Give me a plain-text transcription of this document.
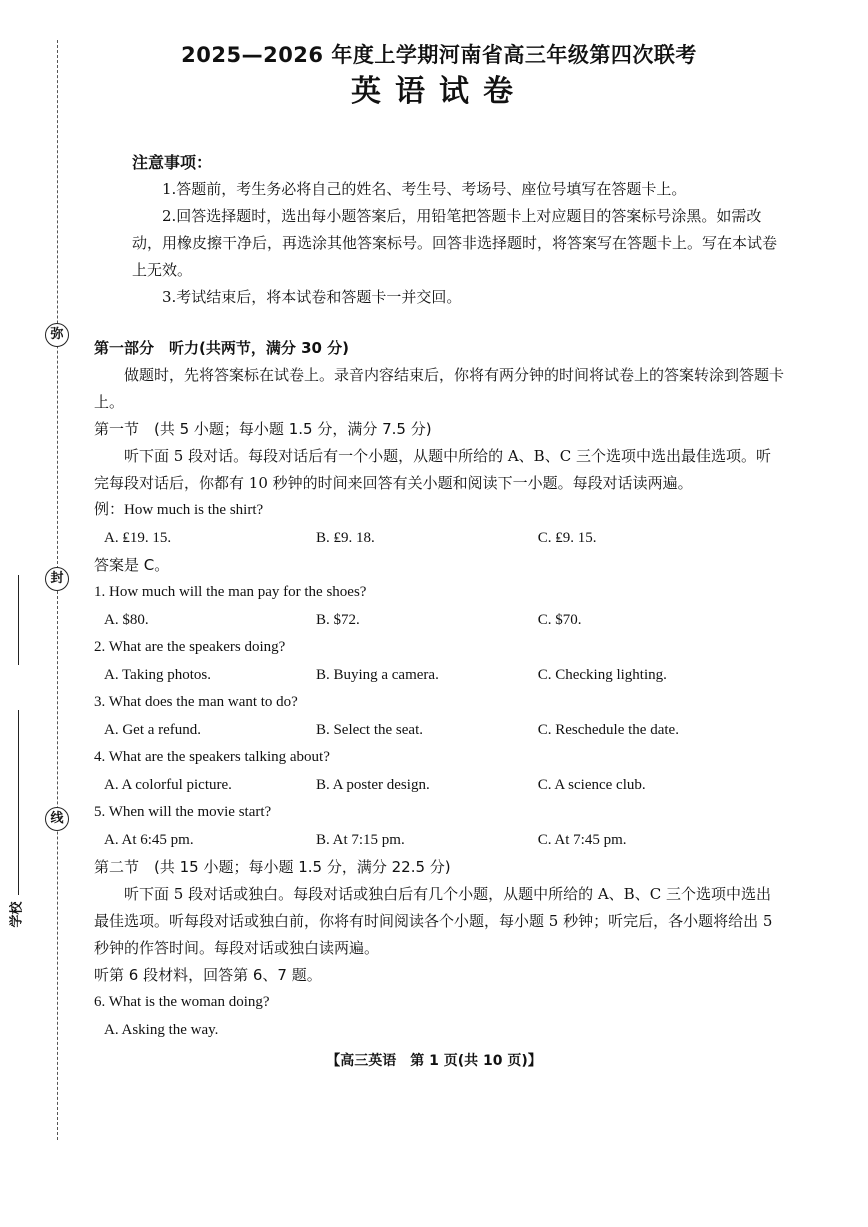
弥
封
线
学校
2025—2026 年度上学期河南省高三年级第四次联考
英语试卷
注意事项：
1.答题前，考生务必将自己的姓名、考生号、考场号、座位号填写在答题卡上。
2.回答选择题时，选出每小题答案后，用铅笔把答题卡上对应题目的答案标号涂黑。如需改动，用橡皮擦干净后，再选涂其他答案标号。回答非选择题时，将答案写在答题卡上。写在本试卷上无效。
3.考试结束后，将本试卷和答题卡一并交回。
第一部分　听力(共两节，满分 30 分)
做题时，先将答案标在试卷上。录音内容结束后，你将有两分钟的时间将试卷上的答案转涂到答题卡上。
第一节　(共 5 小题；每小题 1.5 分，满分 7.5 分)
听下面 5 段对话。每段对话后有一个小题，从题中所给的 A、B、C 三个选项中选出最佳选项。听完每段对话后，你都有 10 秒钟的时间来回答有关小题和阅读下一小题。每段对话读两遍。
例：How much is the shirt?
A. ₤19. 15.	B. ₤9. 18.	C. ₤9. 15.
答案是 C。
1. How much will the man pay for the shoes?
A. $80.	B. $72.	C. $70.
2. What are the speakers doing?
A. Taking photos.	B. Buying a camera.	C. Checking lighting.
3. What does the man want to do?
A. Get a refund.	B. Select the seat.	C. Reschedule the date.
4. What are the speakers talking about?
A. A colorful picture.	B. A poster design.	C. A science club.
5. When will the movie start?
A. At 6:45 pm.	B. At 7:15 pm.	C. At 7:45 pm.
第二节　(共 15 小题；每小题 1.5 分，满分 22.5 分)
听下面 5 段对话或独白。每段对话或独白后有几个小题，从题中所给的 A、B、C 三个选项中选出最佳选项。听每段对话或独白前，你将有时间阅读各个小题，每小题 5 秒钟；听完后，各小题将给出 5 秒钟的作答时间。每段对话或独白读两遍。
听第 6 段材料，回答第 6、7 题。
6. What is the woman doing?
A. Asking the way.
【高三英语　第 1 页(共 10 页)】
